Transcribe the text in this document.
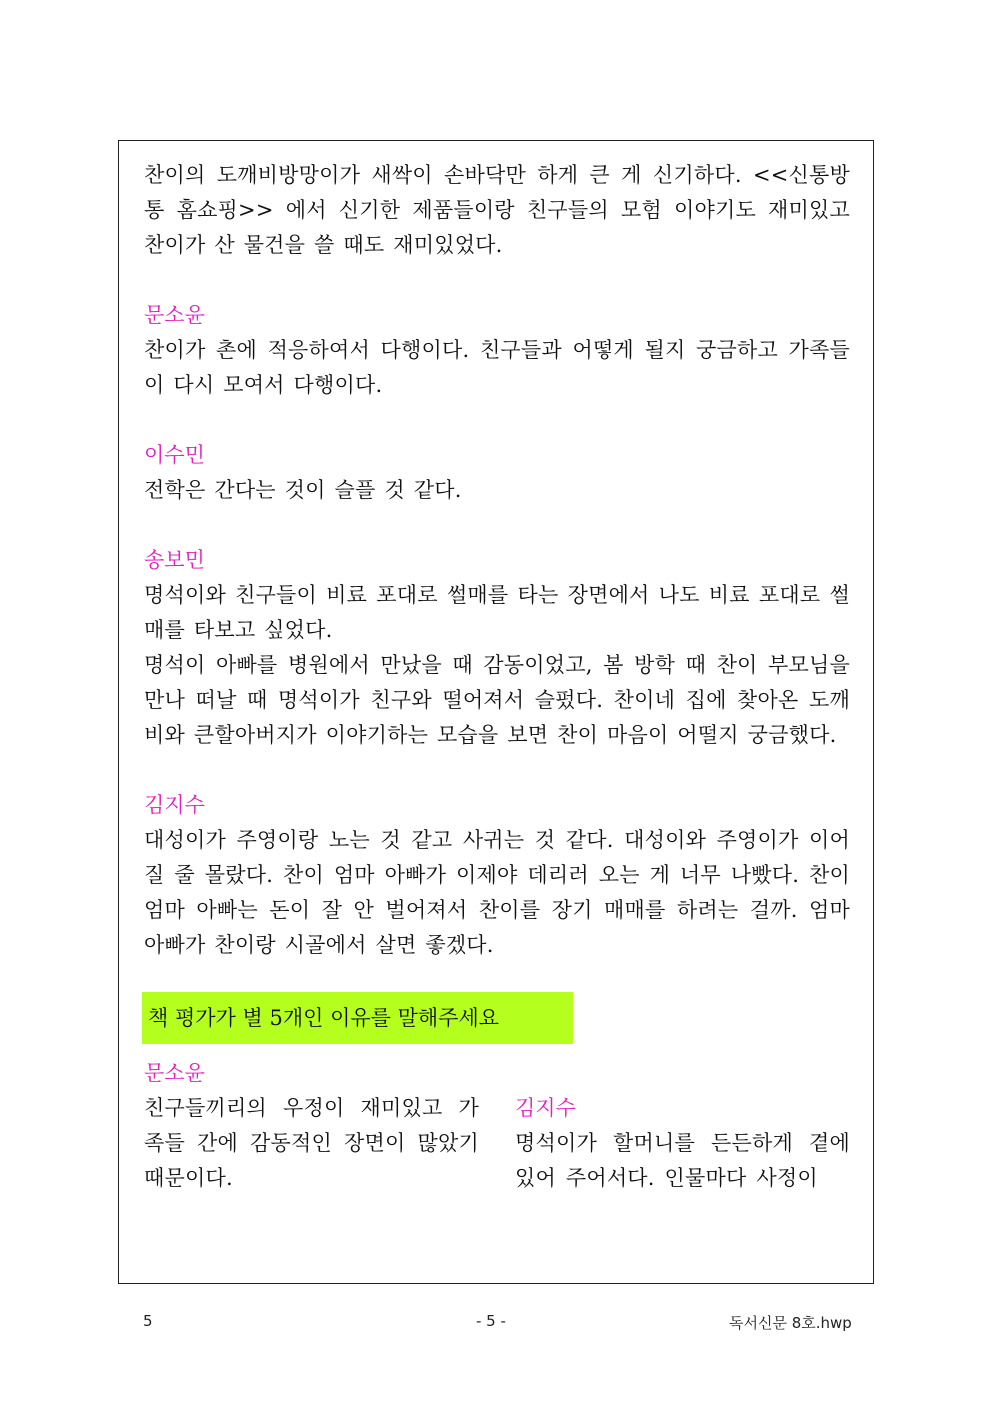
찬이의 도깨비방망이가 새싹이 손바닥만 하게 큰 게 신기하다. <<신통방통 홈쇼핑>> 에서 신기한 제품들이랑 친구들의 모험 이야기도 재미있고 찬이가 산 물건을 쓸 때도 재미있었다.

문소윤

찬이가 촌에 적응하여서 다행이다. 친구들과 어떻게 될지 궁금하고 가족들이 다시 모여서 다행이다.

이수민

전학은 간다는 것이 슬플 것 같다.

송보민

명석이와 친구들이 비료 포대로 썰매를 타는 장면에서 나도 비료 포대로 썰매를 타보고 싶었다.

명석이 아빠를 병원에서 만났을 때 감동이었고, 봄 방학 때 찬이 부모님을 만나 떠날 때 명석이가 친구와 떨어져서 슬펐다. 찬이네 집에 찾아온 도깨비와 큰할아버지가 이야기하는 모습을 보면 찬이 마음이 어떨지 궁금했다.

김지수

대성이가 주영이랑 노는 것 같고 사귀는 것 같다. 대성이와 주영이가 이어질 줄 몰랐다. 찬이 엄마 아빠가 이제야 데리러 오는 게 너무 나빴다. 찬이 엄마 아빠는 돈이 잘 안 벌어져서 찬이를 장기 매매를 하려는 걸까. 엄마 아빠가 찬이랑 시골에서 살면 좋겠다.

책 평가가 별 5개인 이유를 말해주세요

문소윤

친구들끼리의 우정이 재미있고 가족들 간에 감동적인 장면이 많았기 때문이다.

김지수

명석이가 할머니를 든든하게 곁에 있어 주어서다. 인물마다 사정이

5	- 5 -	독서신문 8호.hwp
